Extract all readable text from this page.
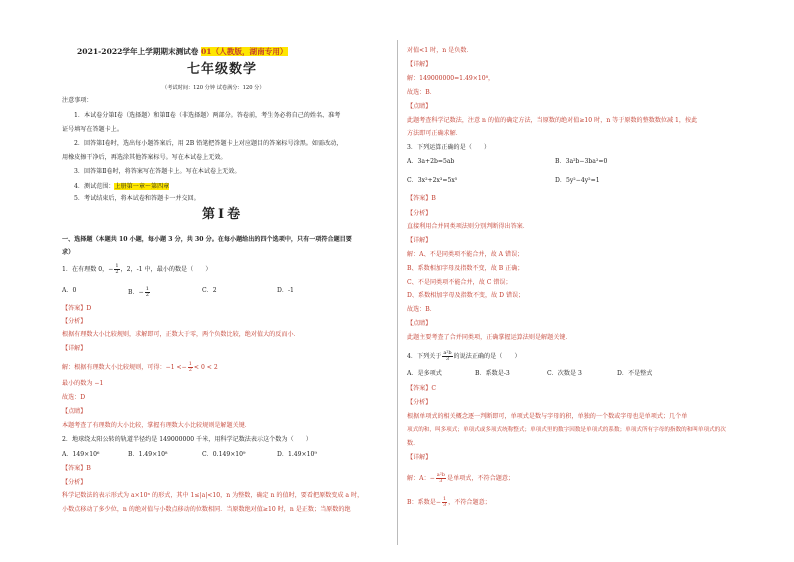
2021-2022学年上学期期末测试卷 01（人教版，湖南专用）
七年级数学
（考试时间：120 分钟 试卷满分：120 分）
注意事项：
1．本试卷分第Ⅰ卷（选择题）和第Ⅱ卷（非选择题）两部分。答卷前，考生务必将自己的姓名、准考
证号填写在答题卡上。
2．回答第Ⅰ卷时，选出每小题答案后，用 2B 铅笔把答题卡上对应题目的答案标号涂黑。如需改动，
用橡皮擦干净后，再选涂其他答案标号。写在本试卷上无效。
3．回答第Ⅱ卷时，将答案写在答题卡上。写在本试卷上无效。
4．测试范围：上册第一章～第四章
5．考试结束后，将本试卷和答题卡一并交回。
第Ⅰ卷
一、选择题（本题共 10 小题，每小题 3 分，共 30 分。在每小题给出的四个选项中，只有一项符合题目要
求）
1．在有理数 0，− $\frac{1}{2}$ ，2，-1 中，最小的数是（　　）
A．0	B．− $\frac{1}{2}$	C．2	D．-1
【答案】D
【分析】
根据有理数大小比较规则，求解即可，正数大于零，两个负数比较，绝对值大的反而小．
【详解】
解：根据有理数大小比较规则，可得：$-1 <- \frac{1}{2} < 0 < 2$
最小的数为 −1
故选：D
【点睛】
本题考查了有理数的大小比较，掌握有理数大小比较规则是解题关键．
2．地球绕太阳公转的轨道半径约是 149000000 千米，用科学记数法表示这个数为（　　）
A．149×10⁶	B．1.49×10⁸	C．0.149×10⁹	D．1.49×10⁹
【答案】B
【分析】
科学记数法的表示形式为 a×10ⁿ 的形式，其中 1≤|a|<10，n 为整数，确定 n 的值时，要看把原数变成 a 时，
小数点移动了多少位，n 的绝对值与小数点移动的位数相同．当原数绝对值≥10 时，n 是正数；当原数的绝
对值<1 时，n 是负数．
【详解】
解：149000000=1.49×10⁸，
故选：B．
【点睛】
此题考查科学记数法，注意 n 的值的确定方法，当原数的绝对值≥10 时，n 等于原数的整数数位减 1，按此
方法即可正确求解．
3．下列运算正确的是（　　）
A．3a+2b=5ab	B．3a²b−3ba²=0
C．3x²+2x³=5x⁵	D．5y²−4y²=1
【答案】B
【分析】
直接利用合并同类项法则分别判断得出答案．
【详解】
解：A、不是同类项不能合并，故 A 错误；
B、系数相加字母及指数不变，故 B 正确；
C、不是同类项不能合并，故 C 错误；
D、系数相加字母及指数不变，故 D 错误；
故选：B．
【点睛】
此题主要考查了合并同类项，正确掌握运算法则是解题关键．
4．下列关于 $\frac{\text{a²b}}{3}$ 的说法正确的是（　　）
A．是多项式	B．系数是-3	C．次数是 3	D．不是整式
【答案】C
【分析】
根据单项式的相关概念逐一判断即可，单项式是数与字母的积，单独的一个数或字母也是单项式；几个单
项式的和，叫多项式；单项式或多项式统称整式；单项式里的数字因数是单项式的系数；单项式所有字母的指数的和叫单项式的次
数．
【详解】
解：A：− $\frac{\text{a²b}}{3}$ 是单项式，不符合题意；
B：系数是− $\frac{1}{3}$ ，不符合题意；
